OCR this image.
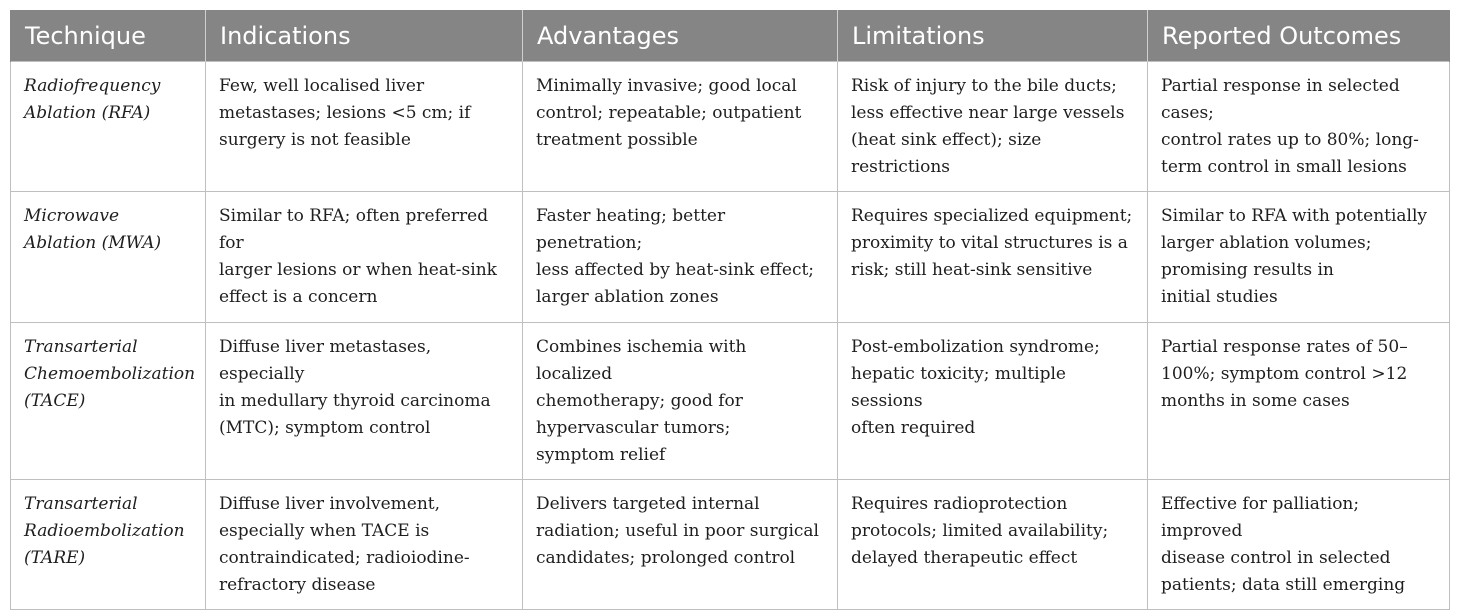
Technique	Indications	Advantages	Limitations	Reported Outcomes

Radiofrequency
Ablation (RFA)	Few, well localised liver
metastases; lesions <5 cm; if
surgery is not feasible	Minimally invasive; good local
control; repeatable; outpatient
treatment possible	Risk of injury to the bile ducts;
less effective near large vessels
(heat sink effect); size restrictions	Partial response in selected cases;
control rates up to 80%; long-
term control in small lesions

Microwave
Ablation (MWA)	Similar to RFA; often preferred for
larger lesions or when heat-sink
effect is a concern	Faster heating; better penetration;
less affected by heat-sink effect;
larger ablation zones	Requires specialized equipment;
proximity to vital structures is a
risk; still heat-sink sensitive	Similar to RFA with potentially
larger ablation volumes;
promising results in
initial studies

Transarterial
Chemoembolization
(TACE)	Diffuse liver metastases, especially
in medullary thyroid carcinoma
(MTC); symptom control	Combines ischemia with localized
chemotherapy; good for
hypervascular tumors;
symptom relief	Post-embolization syndrome;
hepatic toxicity; multiple sessions
often required	Partial response rates of 50–
100%; symptom control >12
months in some cases

Transarterial
Radioembolization
(TARE)	Diffuse liver involvement,
especially when TACE is
contraindicated; radioiodine-
refractory disease	Delivers targeted internal
radiation; useful in poor surgical
candidates; prolonged control	Requires radioprotection
protocols; limited availability;
delayed therapeutic effect	Effective for palliation; improved
disease control in selected
patients; data still emerging
